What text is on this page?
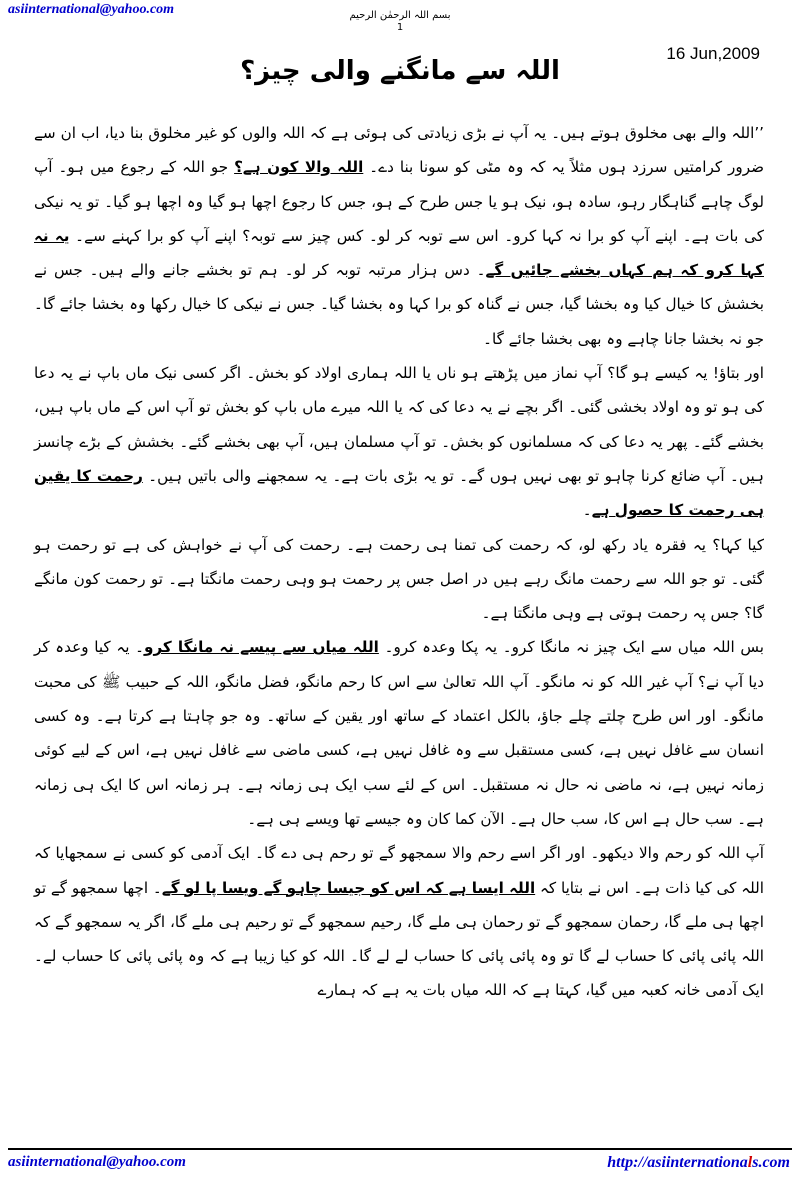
asiinternational@yahoo.com	بسم اللہ الرحمٰن الرحیم
1
16 Jun,2009
اللہ سے مانگنے والی چیز؟

’’اللہ والے بھی مخلوق ہوتے ہیں۔ یہ آپ نے بڑی زیادتی کی ہوئی ہے کہ اللہ والوں کو غیر مخلوق بنا دیا، اب ان سے ضرور کرامتیں سرزد ہوں مثلاً یہ کہ وہ مٹی کو سونا بنا دے۔ اللہ والا کون ہے؟ جو اللہ کے رجوع میں ہو۔ آپ لوگ چاہے گناہگار رہو، سادہ ہو، نیک ہو یا جس طرح کے ہو، جس کا رجوع اچھا ہو گیا وہ اچھا ہو گیا۔ تو یہ نیکی کی بات ہے۔ اپنے آپ کو برا نہ کہا کرو۔ اس سے توبہ کر لو۔ کس چیز سے توبہ؟ اپنے آپ کو برا کہنے سے۔ یہ نہ کہا کرو کہ ہم کہاں بخشے جائیں گے۔ دس ہزار مرتبہ توبہ کر لو۔ ہم تو بخشے جانے والے ہیں۔ جس نے بخشش کا خیال کیا وہ بخشا گیا، جس نے گناہ کو برا کہا وہ بخشا گیا۔ جس نے نیکی کا خیال رکھا وہ بخشا جائے گا۔ جو نہ بخشا جانا چاہے وہ بھی بخشا جائے گا۔

اور بتاؤ! یہ کیسے ہو گا؟ آپ نماز میں پڑھتے ہو ناں یا اللہ ہماری اولاد کو بخش۔ اگر کسی نیک ماں باپ نے یہ دعا کی ہو تو وہ اولاد بخشی گئی۔ اگر بچے نے یہ دعا کی کہ یا اللہ میرے ماں باپ کو بخش تو آپ اس کے ماں باپ ہیں، بخشے گئے۔ پھر یہ دعا کی کہ مسلمانوں کو بخش۔ تو آپ مسلمان ہیں، آپ بھی بخشے گئے۔ بخشش کے بڑے چانسز ہیں۔ آپ ضائع کرنا چاہو تو بھی نہیں ہوں گے۔ تو یہ بڑی بات ہے۔ یہ سمجھنے والی باتیں ہیں۔ رحمت کا یقین ہی رحمت کا حصول ہے۔

کیا کہا؟ یہ فقرہ یاد رکھ لو، کہ رحمت کی تمنا ہی رحمت ہے۔ رحمت کی آپ نے خواہش کی ہے تو رحمت ہو گئی۔ تو جو اللہ سے رحمت مانگ رہے ہیں در اصل جس پر رحمت ہو وہی رحمت مانگتا ہے۔ تو رحمت کون مانگے گا؟ جس پہ رحمت ہوتی ہے وہی مانگتا ہے۔

بس اللہ میاں سے ایک چیز نہ مانگا کرو۔ یہ پکا وعدہ کرو۔ اللہ میاں سے پیسے نہ مانگا کرو۔ یہ کیا وعدہ کر دیا آپ نے؟ آپ غیر اللہ کو نہ مانگو۔ آپ اللہ تعالیٰ سے اس کا رحم مانگو، فضل مانگو، اللہ کے حبیب ﷺ کی محبت مانگو۔ اور اس طرح چلتے چلے جاؤ، بالکل اعتماد کے ساتھ اور یقین کے ساتھ۔ وہ جو چاہتا ہے کرتا ہے۔ وہ کسی انسان سے غافل نہیں ہے، کسی مستقبل سے وہ غافل نہیں ہے، کسی ماضی سے غافل نہیں ہے، اس کے لیے کوئی زمانہ نہیں ہے، نہ ماضی نہ حال نہ مستقبل۔ اس کے لئے سب ایک ہی زمانہ ہے۔ ہر زمانہ اس کا ایک ہی زمانہ ہے۔ سب حال ہے اس کا، سب حال ہے۔ الآن کما کان وہ جیسے تھا ویسے ہی ہے۔

آپ اللہ کو رحم والا دیکھو۔ اور اگر اسے رحم والا سمجھو گے تو رحم ہی دے گا۔ ایک آدمی کو کسی نے سمجھایا کہ اللہ کی کیا ذات ہے۔ اس نے بتایا کہ اللہ ایسا ہے کہ اس کو جیسا چاہو گے ویسا پا لو گے۔ اچھا سمجھو گے تو اچھا ہی ملے گا، رحمان سمجھو گے تو رحمان ہی ملے گا، رحیم سمجھو گے تو رحیم ہی ملے گا، اگر یہ سمجھو گے کہ اللہ پائی پائی کا حساب لے گا تو وہ پائی پائی کا حساب لے لے گا۔ اللہ کو کیا زیبا ہے کہ وہ پائی پائی کا حساب لے۔ ایک آدمی خانہ کعبہ میں گیا، کہتا ہے کہ اللہ میاں بات یہ ہے کہ ہمارے

asiinternational@yahoo.com	http://asiinternationals.com
